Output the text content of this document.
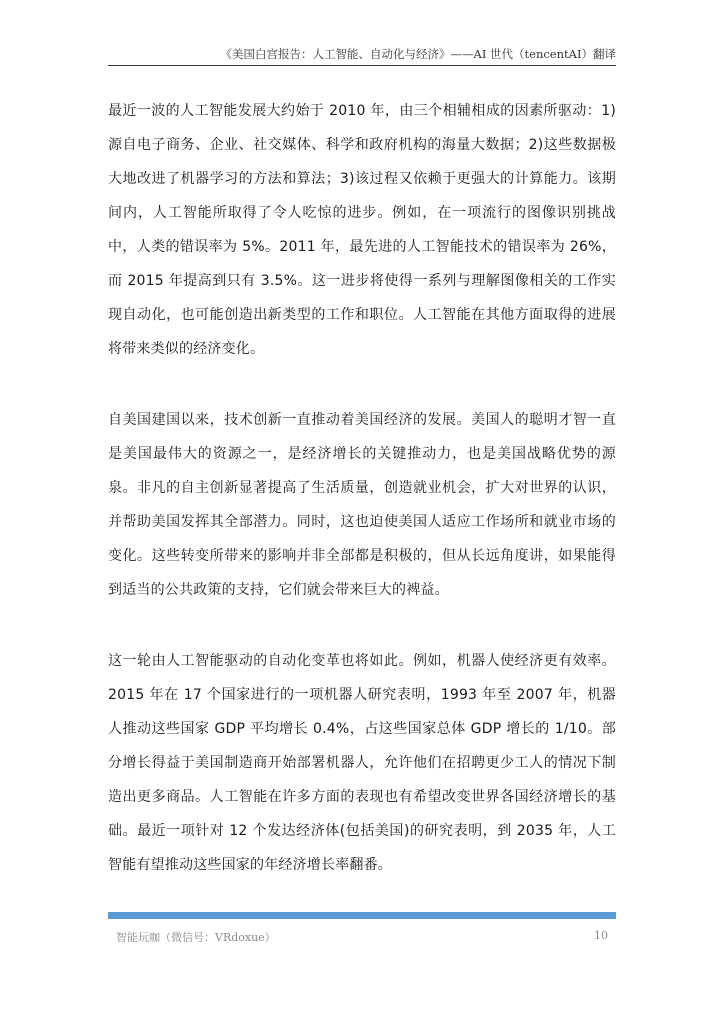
《美国白宫报告：人工智能、自动化与经济》——AI 世代（tencentAI）翻译

最近一波的人工智能发展大约始于 2010 年，由三个相辅相成的因素所驱动：1)源自电子商务、企业、社交媒体、科学和政府机构的海量大数据；2)这些数据极大地改进了机器学习的方法和算法；3)该过程又依赖于更强大的计算能力。该期间内，人工智能所取得了令人吃惊的进步。例如，在一项流行的图像识别挑战中，人类的错误率为 5%。2011 年，最先进的人工智能技术的错误率为 26%，而 2015 年提高到只有 3.5%。这一进步将使得一系列与理解图像相关的工作实现自动化，也可能创造出新类型的工作和职位。人工智能在其他方面取得的进展将带来类似的经济变化。

自美国建国以来，技术创新一直推动着美国经济的发展。美国人的聪明才智一直是美国最伟大的资源之一，是经济增长的关键推动力，也是美国战略优势的源泉。非凡的自主创新显著提高了生活质量，创造就业机会，扩大对世界的认识，并帮助美国发挥其全部潜力。同时，这也迫使美国人适应工作场所和就业市场的变化。这些转变所带来的影响并非全部都是积极的，但从长远角度讲，如果能得到适当的公共政策的支持，它们就会带来巨大的裨益。

这一轮由人工智能驱动的自动化变革也将如此。例如，机器人使经济更有效率。2015 年在 17 个国家进行的一项机器人研究表明，1993 年至 2007 年，机器人推动这些国家 GDP 平均增长 0.4%，占这些国家总体 GDP 增长的 1/10。部分增长得益于美国制造商开始部署机器人，允许他们在招聘更少工人的情况下制造出更多商品。人工智能在许多方面的表现也有希望改变世界各国经济增长的基础。最近一项针对 12 个发达经济体(包括美国)的研究表明，到 2035 年，人工智能有望推动这些国家的年经济增长率翻番。

智能玩咖（微信号：VRdoxue）	10
